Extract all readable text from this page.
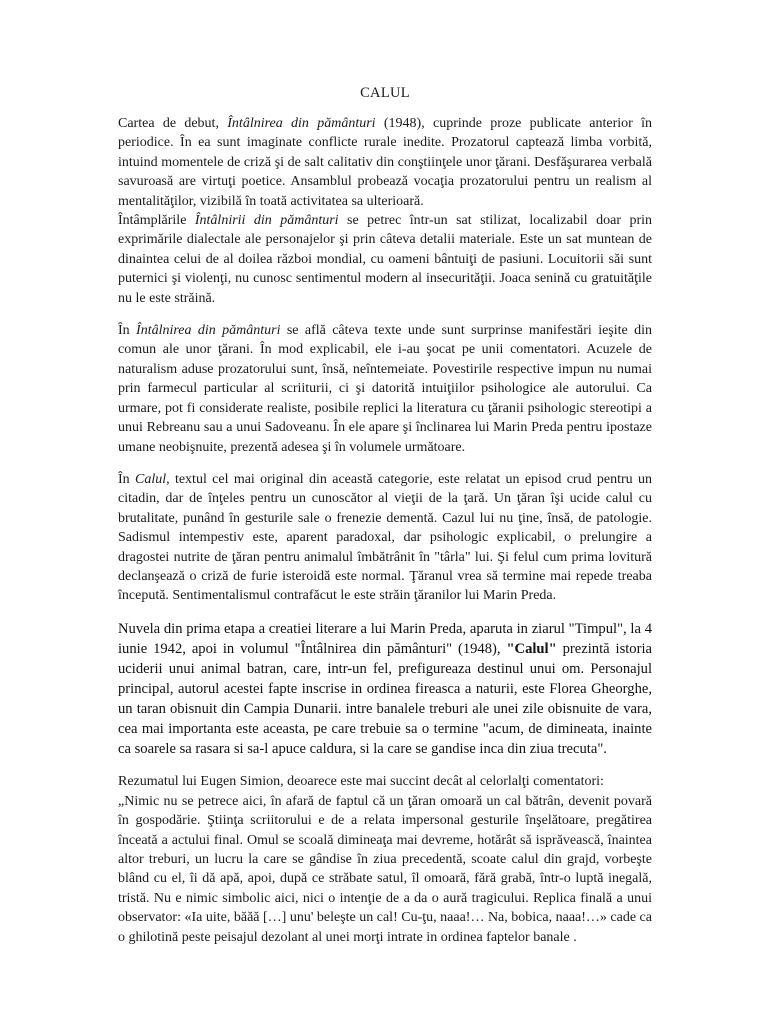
CALUL

Cartea de debut, Întâlnirea din pământuri (1948), cuprinde proze publicate anterior în periodice. În ea sunt imaginate conflicte rurale inedite. Prozatorul captează limba vorbită, intuind momentele de criză şi de salt calitativ din conştiinţele unor ţărani. Desfăşurarea verbală savuroasă are virtuţi poetice. Ansamblul probează vocaţia prozatorului pentru un realism al mentalităţilor, vizibilă în toată activitatea sa ulterioară.

Întâmplările Întâlnirii din pământuri se petrec într-un sat stilizat, localizabil doar prin exprimările dialectale ale personajelor şi prin câteva detalii materiale. Este un sat muntean de dinaintea celui de al doilea război mondial, cu oameni bântuiţi de pasiuni. Locuitorii săi sunt puternici şi violenţi, nu cunosc sentimentul modern al insecurităţii. Joaca senină cu gratuităţile nu le este străină.

În Întâlnirea din pământuri se află câteva texte unde sunt surprinse manifestări ieşite din comun ale unor ţărani. În mod explicabil, ele i-au şocat pe unii comentatori. Acuzele de naturalism aduse prozatorului sunt, însă, neîntemeiate. Povestirile respective impun nu numai prin farmecul particular al scriiturii, ci şi datorită intuiţiilor psihologice ale autorului. Ca urmare, pot fi considerate realiste, posibile replici la literatura cu ţăranii psihologic stereotipi a unui Rebreanu sau a unui Sadoveanu. În ele apare şi înclinarea lui Marin Preda pentru ipostaze umane neobişnuite, prezentă adesea şi în volumele următoare.

În Calul, textul cel mai original din această categorie, este relatat un episod crud pentru un citadin, dar de înţeles pentru un cunoscător al vieţii de la ţară. Un ţăran îşi ucide calul cu brutalitate, punând în gesturile sale o frenezie dementă. Cazul lui nu ţine, însă, de patologie. Sadismul intempestiv este, aparent paradoxal, dar psihologic explicabil, o prelungire a dragostei nutrite de ţăran pentru animalul îmbătrânit în "târla" lui. Şi felul cum prima lovitură declanşează o criză de furie isteroidă este normal. Ţăranul vrea să termine mai repede treaba începută. Sentimentalismul contrafăcut le este străin ţăranilor lui Marin Preda.

Nuvela din prima etapa a creatiei literare a lui Marin Preda, aparuta in ziarul "Timpul", la 4 iunie 1942, apoi in volumul "Întâlnirea din pământuri" (1948), "Calul" prezintă istoria uciderii unui animal batran, care, intr-un fel, prefigureaza destinul unui om. Personajul principal, autorul acestei fapte inscrise in ordinea fireasca a naturii, este Florea Gheorghe, un taran obisnuit din Campia Dunarii. intre banalele treburi ale unei zile obisnuite de vara, cea mai importanta este aceasta, pe care trebuie sa o termine "acum, de dimineata, inainte ca soarele sa rasara si sa-l apuce caldura, si la care se gandise inca din ziua trecuta".

Rezumatul lui Eugen Simion, deoarece este mai succint decât al celorlalţi comentatori:

„Nimic nu se petrece aici, în afară de faptul că un ţăran omoară un cal bătrân, devenit povară în gospodărie. Ştiinţa scriitorului e de a relata impersonal gesturile înşelătoare, pregătirea înceată a actului final. Omul se scoală dimineaţa mai devreme, hotărât să isprăvească, înaintea altor treburi, un lucru la care se gândise în ziua precedentă, scoate calul din grajd, vorbeşte blând cu el, îi dă apă, apoi, după ce străbate satul, îl omoară, fără grabă, într-o luptă inegală, tristă. Nu e nimic simbolic aici, nici o intenţie de a da o aură tragicului. Replica finală a unui observator: «Ia uite, băăă […] unu' beleşte un cal! Cu-ţu, naaa!… Na, bobica, naaa!…» cade ca o ghilotină peste peisajul dezolant al unei morţi intrate in ordinea faptelor banale .
